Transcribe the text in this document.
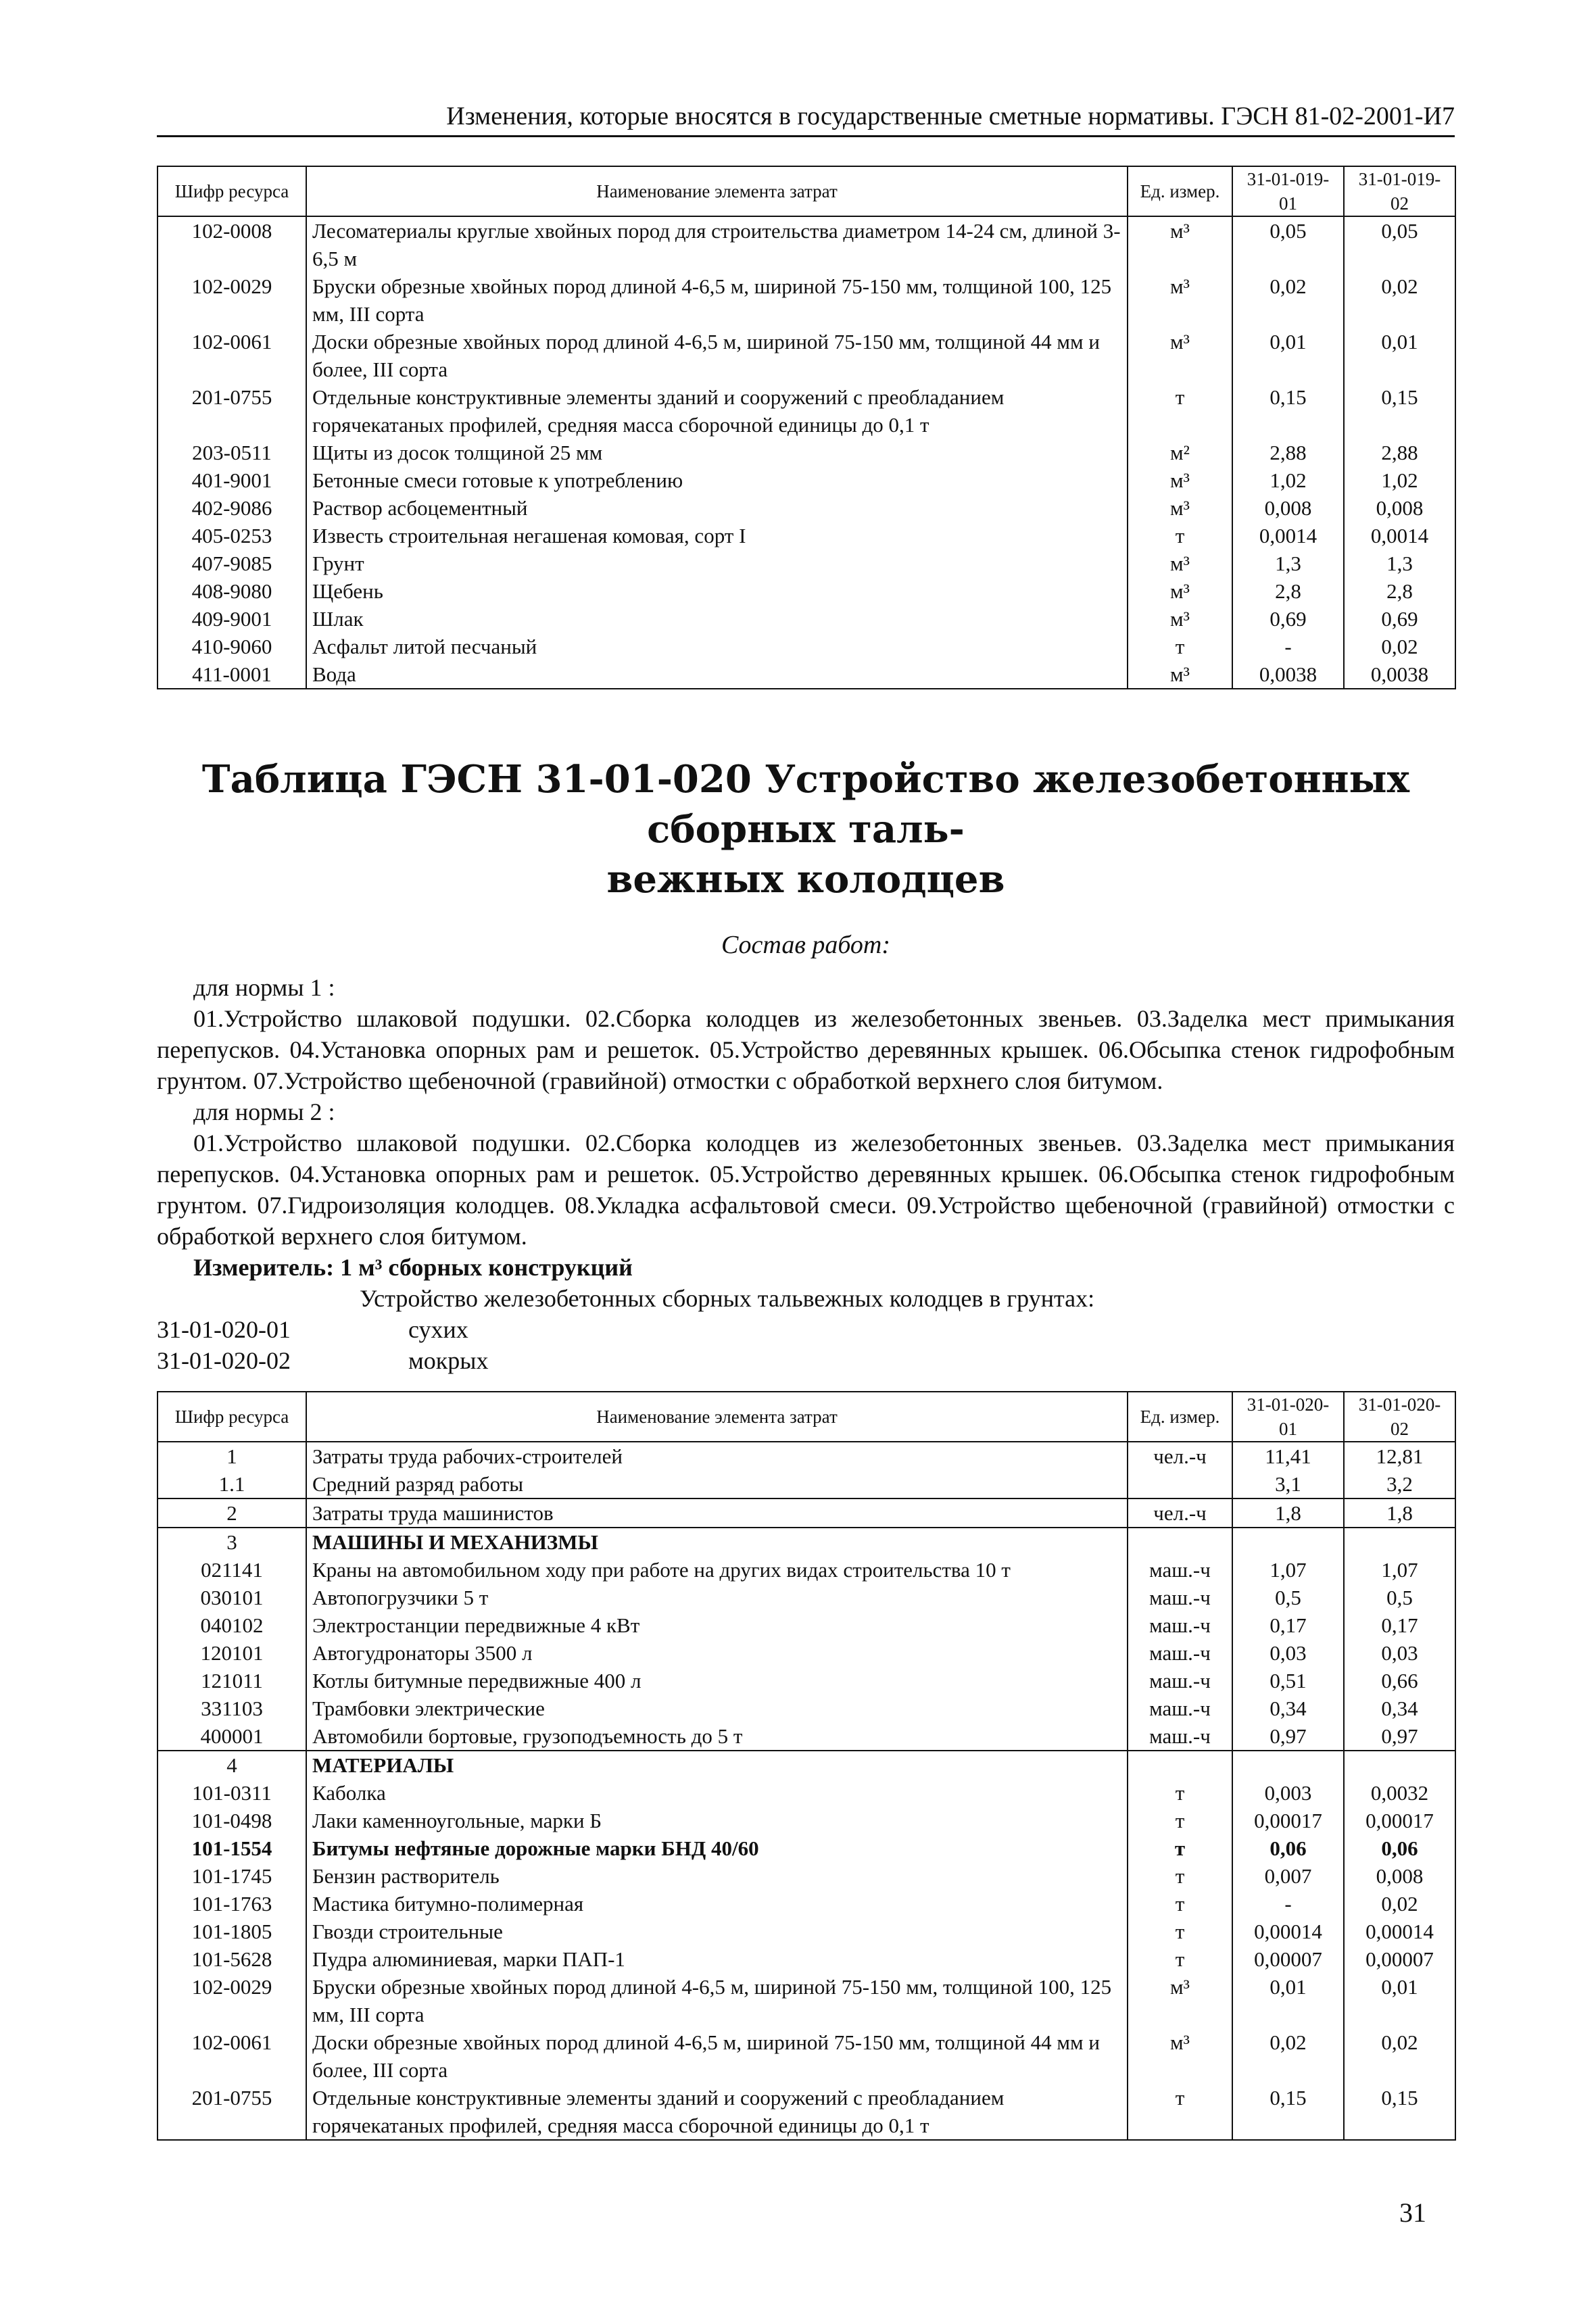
Изменения, которые вносятся в государственные сметные нормативы. ГЭСН 81-02-2001-И7
Шифр ресурса	Наименование элемента затрат	Ед. измер.	31-01-019-01	31-01-019-02
102-0008	Лесоматериалы круглые хвойных пород для строительства диаметром 14-24 см, длиной 3-6,5 м	м³	0,05	0,05
102-0029	Бруски обрезные хвойных пород длиной 4-6,5 м, шириной 75-150 мм, толщиной 100, 125 мм, III сорта	м³	0,02	0,02
102-0061	Доски обрезные хвойных пород длиной 4-6,5 м, шириной 75-150 мм, толщиной 44 мм и более, III сорта	м³	0,01	0,01
201-0755	Отдельные конструктивные элементы зданий и сооружений с преобладанием горячекатаных профилей, средняя масса сборочной единицы до 0,1 т	т	0,15	0,15
203-0511	Щиты из досок толщиной 25 мм	м²	2,88	2,88
401-9001	Бетонные смеси готовые к употреблению	м³	1,02	1,02
402-9086	Раствор асбоцементный	м³	0,008	0,008
405-0253	Известь строительная негашеная комовая, сорт I	т	0,0014	0,0014
407-9085	Грунт	м³	1,3	1,3
408-9080	Щебень	м³	2,8	2,8
409-9001	Шлак	м³	0,69	0,69
410-9060	Асфальт литой песчаный	т	-	0,02
411-0001	Вода	м³	0,0038	0,0038
Таблица ГЭСН 31-01-020 Устройство железобетонных сборных таль-
вежных колодцев
Состав работ:
для нормы 1 :
01.Устройство шлаковой подушки. 02.Сборка колодцев из железобетонных звеньев. 03.Заделка мест примыкания перепусков. 04.Установка опорных рам и решеток. 05.Устройство деревянных крышек. 06.Обсыпка стенок гидрофобным грунтом. 07.Устройство щебеночной (гравийной) отмостки с обработкой верхнего слоя битумом.
для нормы 2 :
01.Устройство шлаковой подушки. 02.Сборка колодцев из железобетонных звеньев. 03.Заделка мест примыкания перепусков. 04.Установка опорных рам и решеток. 05.Устройство деревянных крышек. 06.Обсыпка стенок гидрофобным грунтом. 07.Гидроизоляция колодцев. 08.Укладка асфальтовой смеси. 09.Устройство щебеночной (гравийной) отмостки с обработкой верхнего слоя битумом.
Измеритель: 1 м³ сборных конструкций
Устройство железобетонных сборных тальвежных колодцев в грунтах:
31-01-020-01	сухих
31-01-020-02	мокрых
Шифр ресурса	Наименование элемента затрат	Ед. измер.	31-01-020-01	31-01-020-02
1	Затраты труда рабочих-строителей	чел.-ч	11,41	12,81
1.1	Средний разряд работы		3,1	3,2
2	Затраты труда машинистов	чел.-ч	1,8	1,8
3	МАШИНЫ И МЕХАНИЗМЫ			
021141	Краны на автомобильном ходу при работе на других видах строительства 10 т	маш.-ч	1,07	1,07
030101	Автопогрузчики 5 т	маш.-ч	0,5	0,5
040102	Электростанции передвижные 4 кВт	маш.-ч	0,17	0,17
120101	Автогудронаторы 3500 л	маш.-ч	0,03	0,03
121011	Котлы битумные передвижные 400 л	маш.-ч	0,51	0,66
331103	Трамбовки электрические	маш.-ч	0,34	0,34
400001	Автомобили бортовые, грузоподъемность до 5 т	маш.-ч	0,97	0,97
4	МАТЕРИАЛЫ			
101-0311	Каболка	т	0,003	0,0032
101-0498	Лаки каменноугольные, марки Б	т	0,00017	0,00017
101-1554	Битумы нефтяные дорожные марки БНД 40/60	т	0,06	0,06
101-1745	Бензин растворитель	т	0,007	0,008
101-1763	Мастика битумно-полимерная	т	-	0,02
101-1805	Гвозди строительные	т	0,00014	0,00014
101-5628	Пудра алюминиевая, марки ПАП-1	т	0,00007	0,00007
102-0029	Бруски обрезные хвойных пород длиной 4-6,5 м, шириной 75-150 мм, толщиной 100, 125 мм, III сорта	м³	0,01	0,01
102-0061	Доски обрезные хвойных пород длиной 4-6,5 м, шириной 75-150 мм, толщиной 44 мм и более, III сорта	м³	0,02	0,02
201-0755	Отдельные конструктивные элементы зданий и сооружений с преобладанием горячекатаных профилей, средняя масса сборочной единицы до 0,1 т	т	0,15	0,15
31
